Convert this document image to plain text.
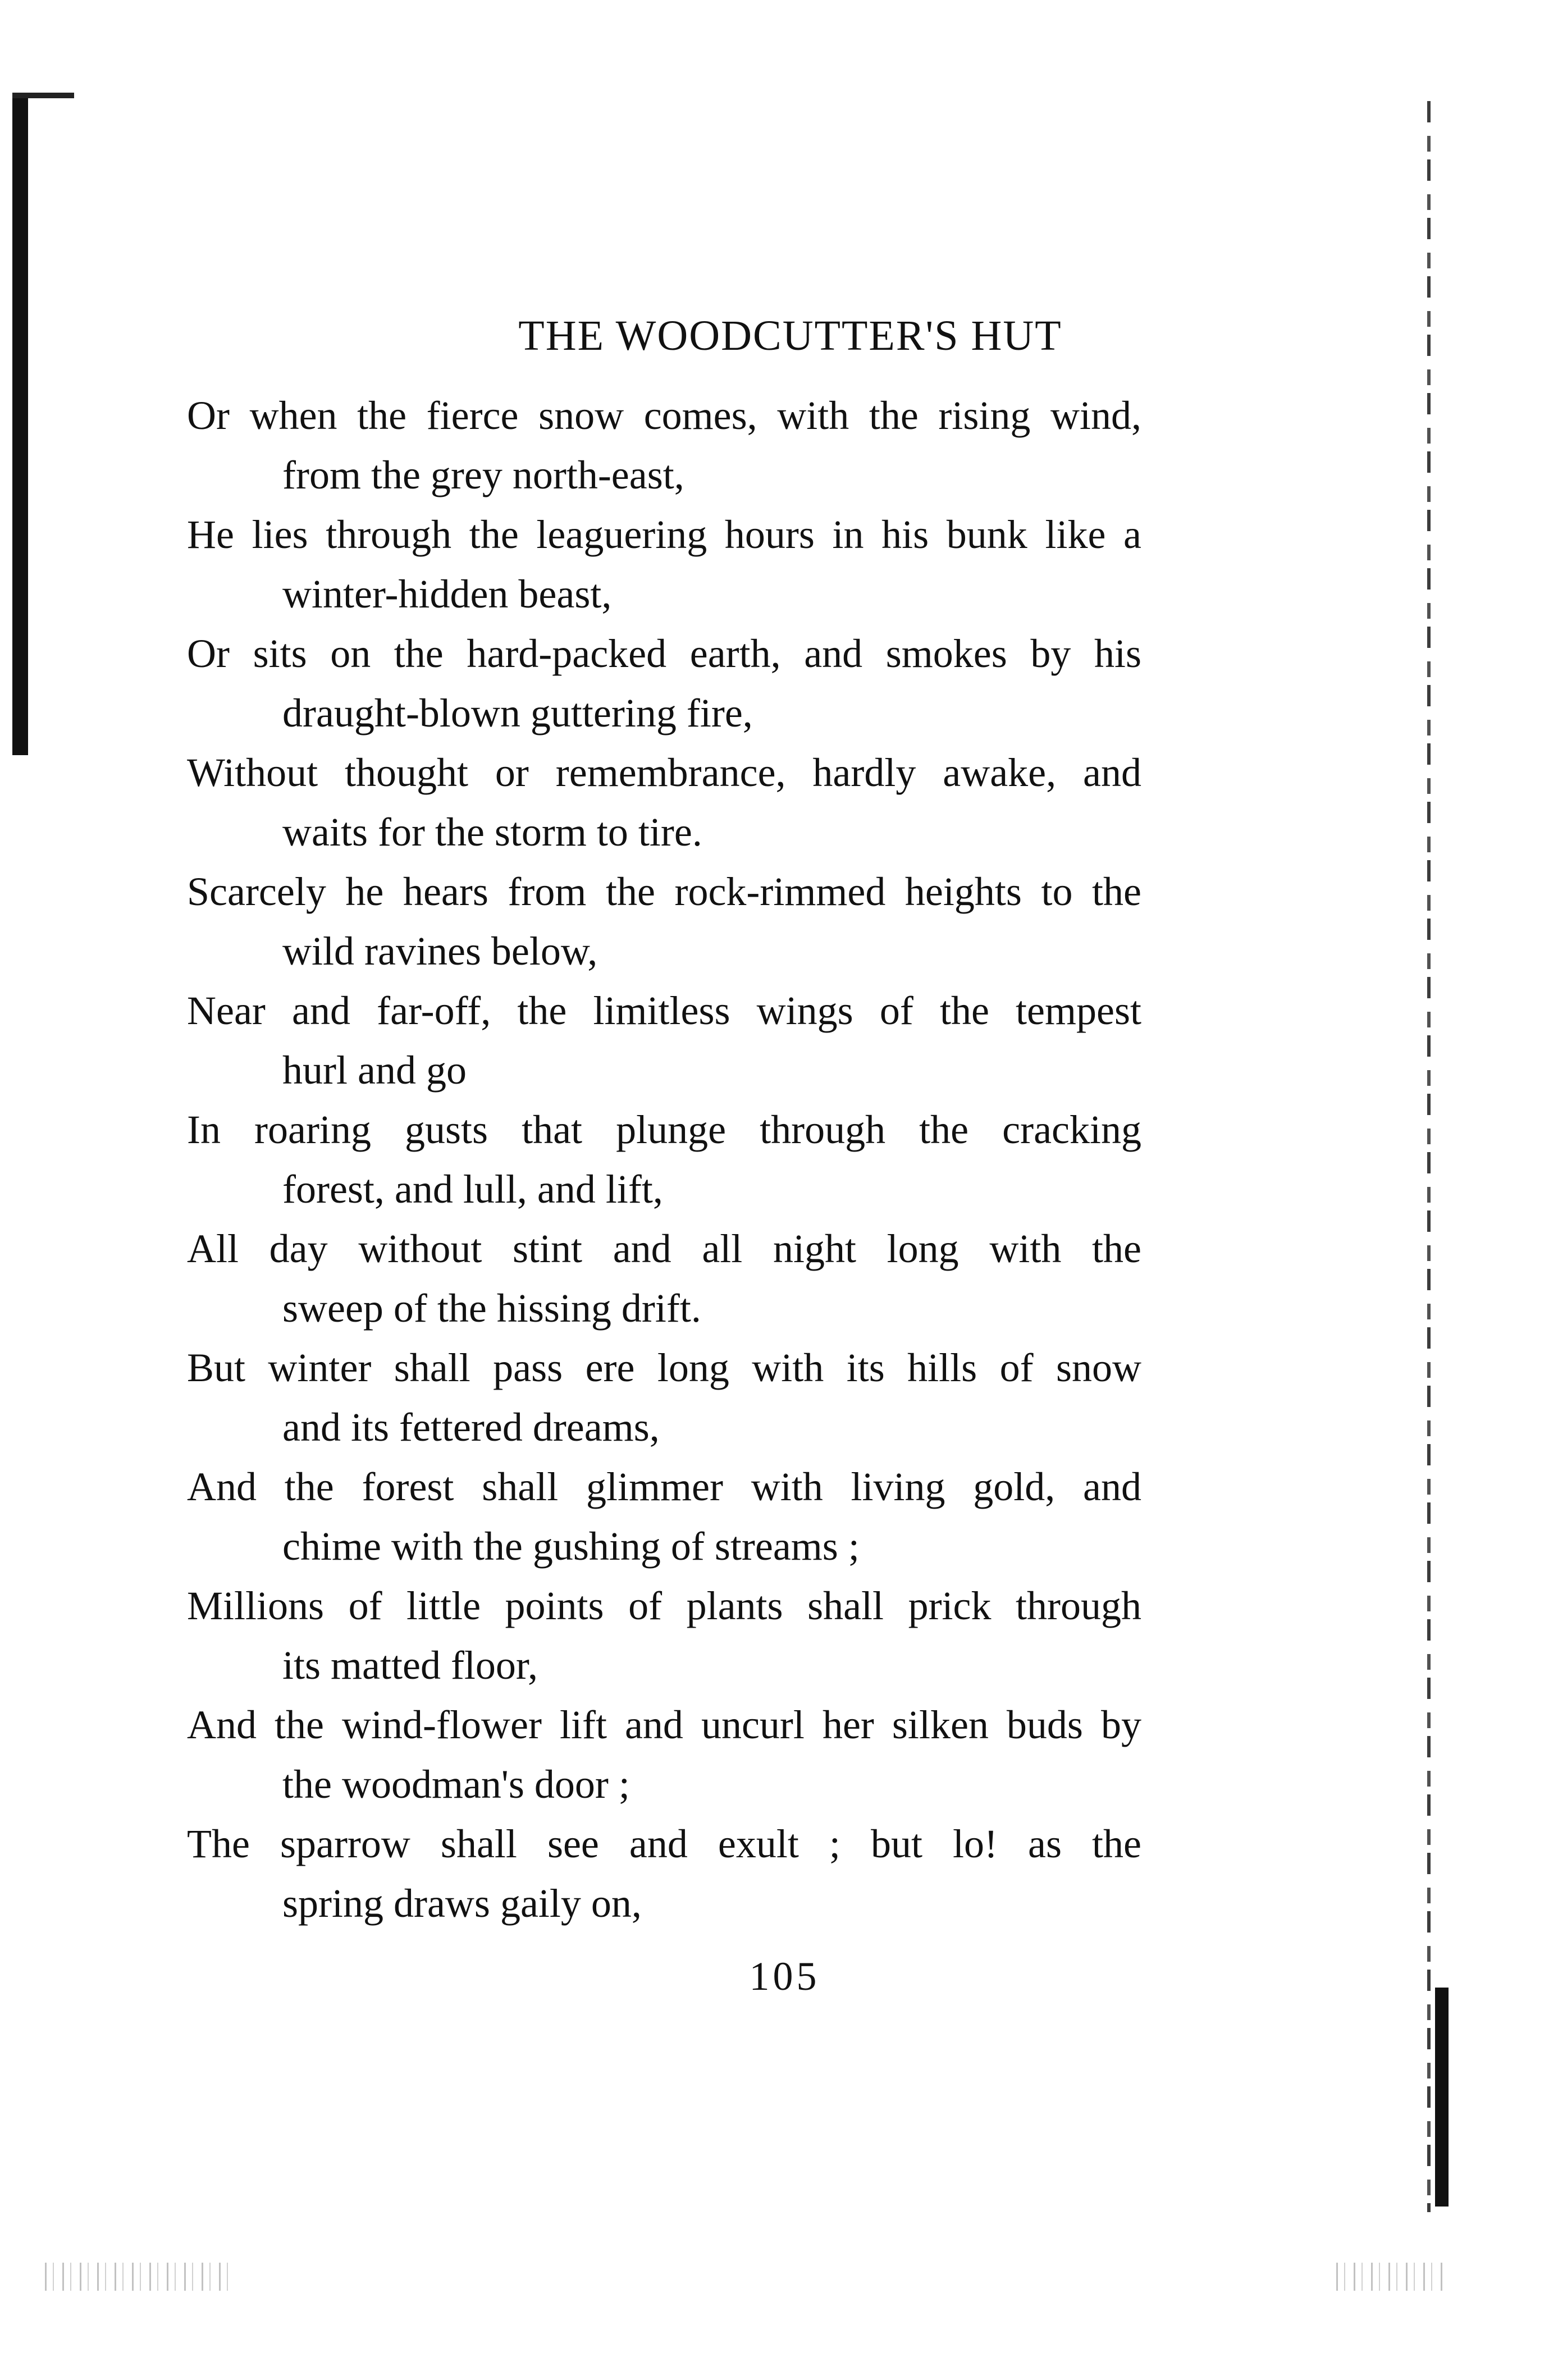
THE WOODCUTTER'S HUT
Or when the fierce snow comes, with the rising wind,
from the grey north-east,
He lies through the leaguering hours in his bunk like a
winter-hidden beast,
Or sits on the hard-packed earth, and smokes by his
draught-blown guttering fire,
Without thought or remembrance, hardly awake, and
waits for the storm to tire.
Scarcely he hears from the rock-rimmed heights to the
wild ravines below,
Near and far-off, the limitless wings of the tempest
hurl and go
In roaring gusts that plunge through the cracking
forest, and lull, and lift,
All day without stint and all night long with the
sweep of the hissing drift.
But winter shall pass ere long with its hills of snow
and its fettered dreams,
And the forest shall glimmer with living gold, and
chime with the gushing of streams ;
Millions of little points of plants shall prick through
its matted floor,
And the wind-flower lift and uncurl her silken buds by
the woodman's door ;
The sparrow shall see and exult ; but lo! as the
spring draws gaily on,
105
